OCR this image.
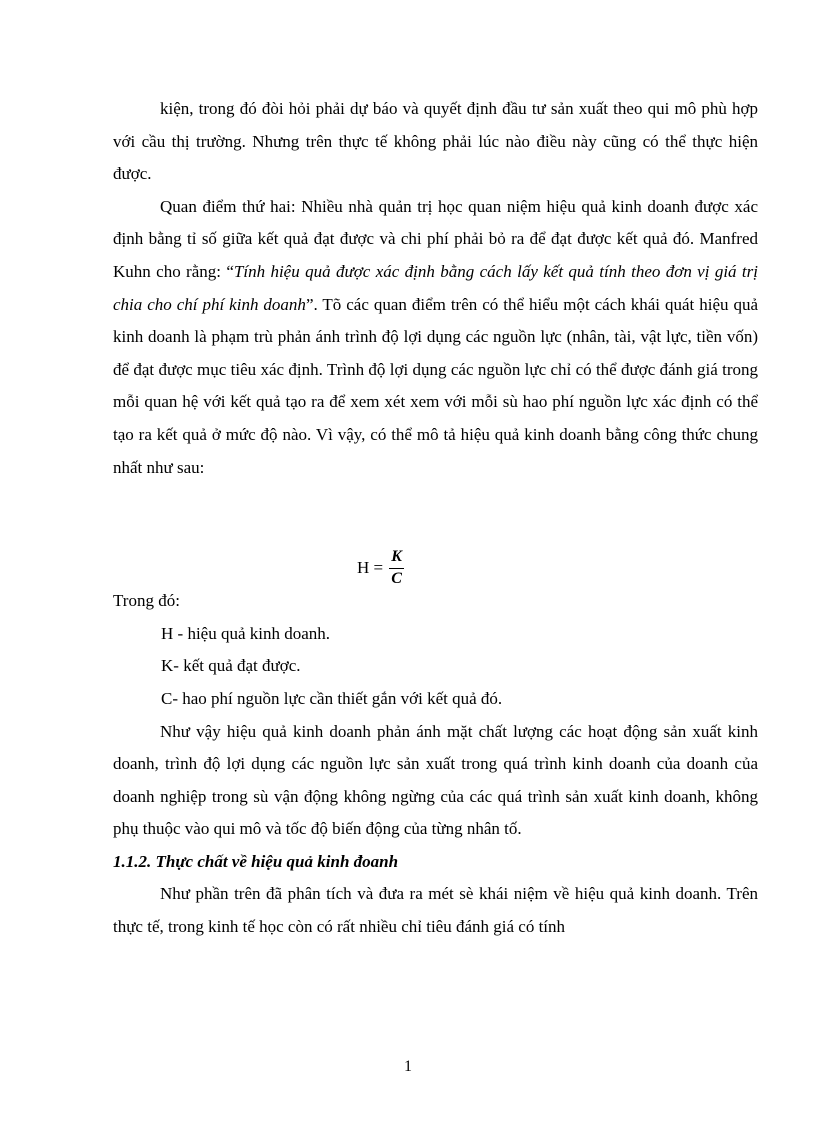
kiện, trong đó đòi hỏi phải dự báo và quyết định đầu tư sản xuất theo qui mô phù hợp với cầu thị trường. Nhưng trên thực tế không phải lúc nào điều này cũng có thể thực hiện được.

Quan điểm thứ hai: Nhiều nhà quản trị học quan niệm hiệu quả kinh doanh được xác định bằng tỉ số giữa kết quả đạt được và chi phí phải bỏ ra để đạt được kết quả đó. Manfred Kuhn cho rằng: “Tính hiệu quả được xác định bằng cách lấy kết quả tính theo đơn vị giá trị chia cho chí phí kinh doanh”. Tõ các quan điểm trên có thể hiểu một cách khái quát hiệu quả kinh doanh là phạm trù phản ánh trình độ lợi dụng các nguồn lực (nhân, tài, vật lực, tiền vốn) để đạt được mục tiêu xác định. Trình độ lợi dụng các nguồn lực chỉ có thể được đánh giá trong mỗi quan hệ với kết quả tạo ra để xem xét xem với mỗi sù hao phí nguồn lực xác định có thể tạo ra kết quả ở mức độ nào. Vì vậy, có thể mô tả hiệu quả kinh doanh bằng công thức chung nhất như sau:

Trong đó:

H - hiệu quả kinh doanh.

K- kết quả đạt được.

C- hao phí nguồn lực cần thiết gắn với kết quả đó.

Như vậy hiệu quả kinh doanh phản ánh mặt chất lượng các hoạt động sản xuất kinh doanh, trình độ lợi dụng các nguồn lực sản xuất trong quá trình kinh doanh của doanh của doanh nghiệp trong sù vận động không ngừng của các quá trình sản xuất kinh doanh, không phụ thuộc vào qui mô và tốc độ biến động của từng nhân tố.

1.1.2. Thực chất về hiệu quả kinh đoanh

Như phần trên đã phân tích và đưa ra mét sè khái niệm về hiệu quả kinh doanh. Trên thực tế, trong kinh tế học còn có rất nhiều chỉ tiêu đánh giá có tính

$H = \frac{K}{C}$
1
